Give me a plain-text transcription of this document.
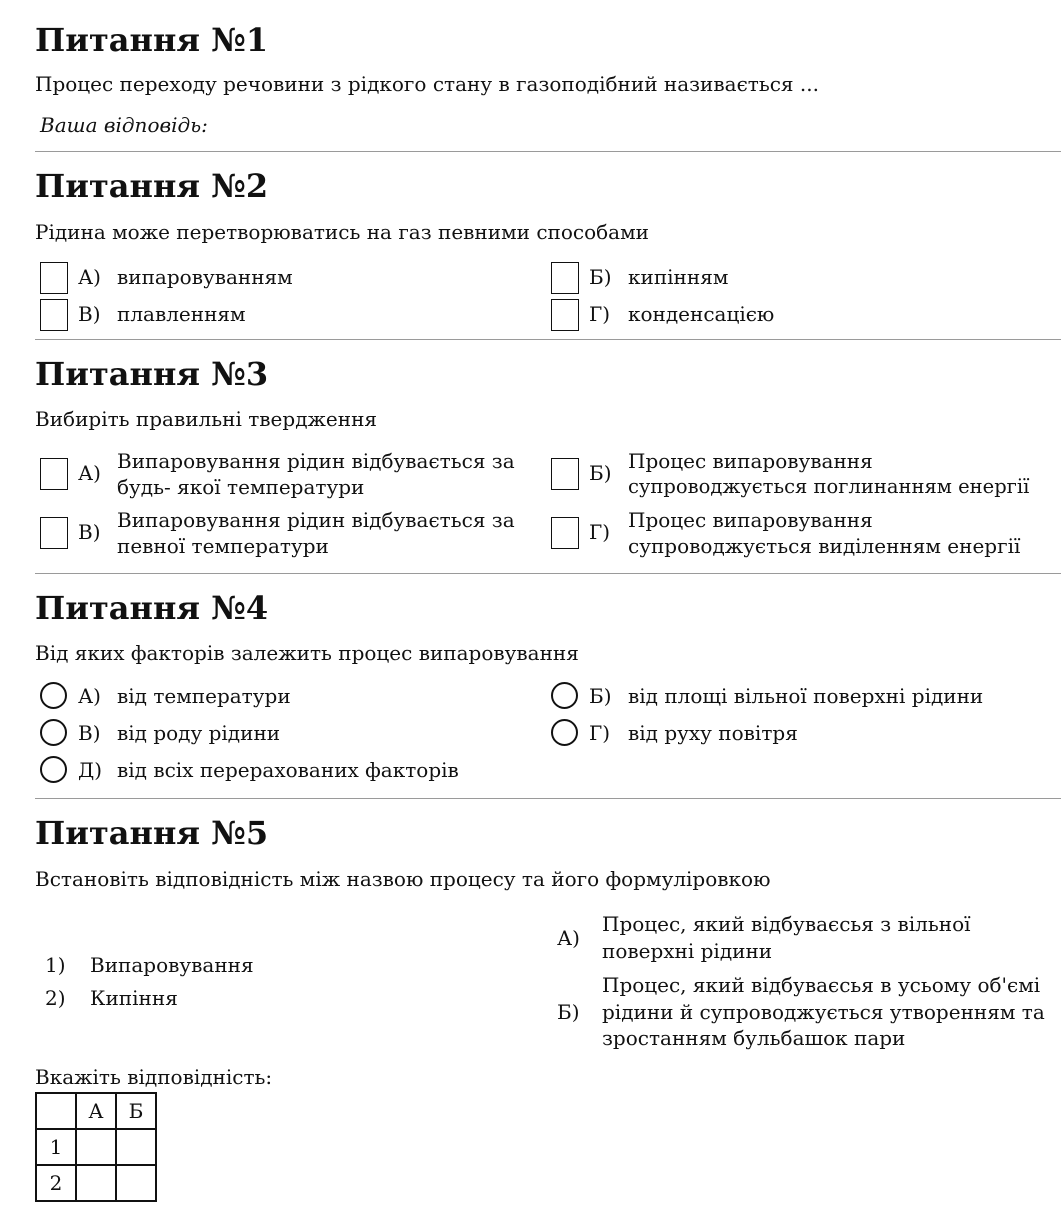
Питання №1
Процес переходу речовини з рідкого стану в газоподібний називається ...
Ваша відповідь:
Питання №2
Рідина може перетворюватись на газ певними способами
А) випаровуванням	Б) кипінням
В) плавленням	Г) конденсацією
Питання №3
Вибиріть правильні твердження
А) Випаровування рідин відбувається за
будь- якої температури
Б) Процес випаровування
супроводжується поглинанням енергії
В) Випаровування рідин відбувається за
певної температури
Г) Процес випаровування
супроводжується виділенням енергії
Питання №4
Від яких факторів залежить процес випаровування
А) від температури	Б) від площі вільної поверхні рідини
В) від роду рідини	Г) від руху повітря
Д) від всіх перерахованих факторів
Питання №5
Встановіть відповідність між назвою процесу та його формуліровкою
1) Випаровування
2) Кипіння
А)
Процес, який відбуваєсья з вільної
поверхні рідини
Б)
Процес, який відбуваєсья в усьому об'ємі
рідини й супроводжується утворенням та
зростанням бульбашок пари
Вкажіть відповідність:
	А	Б
1		
2		
